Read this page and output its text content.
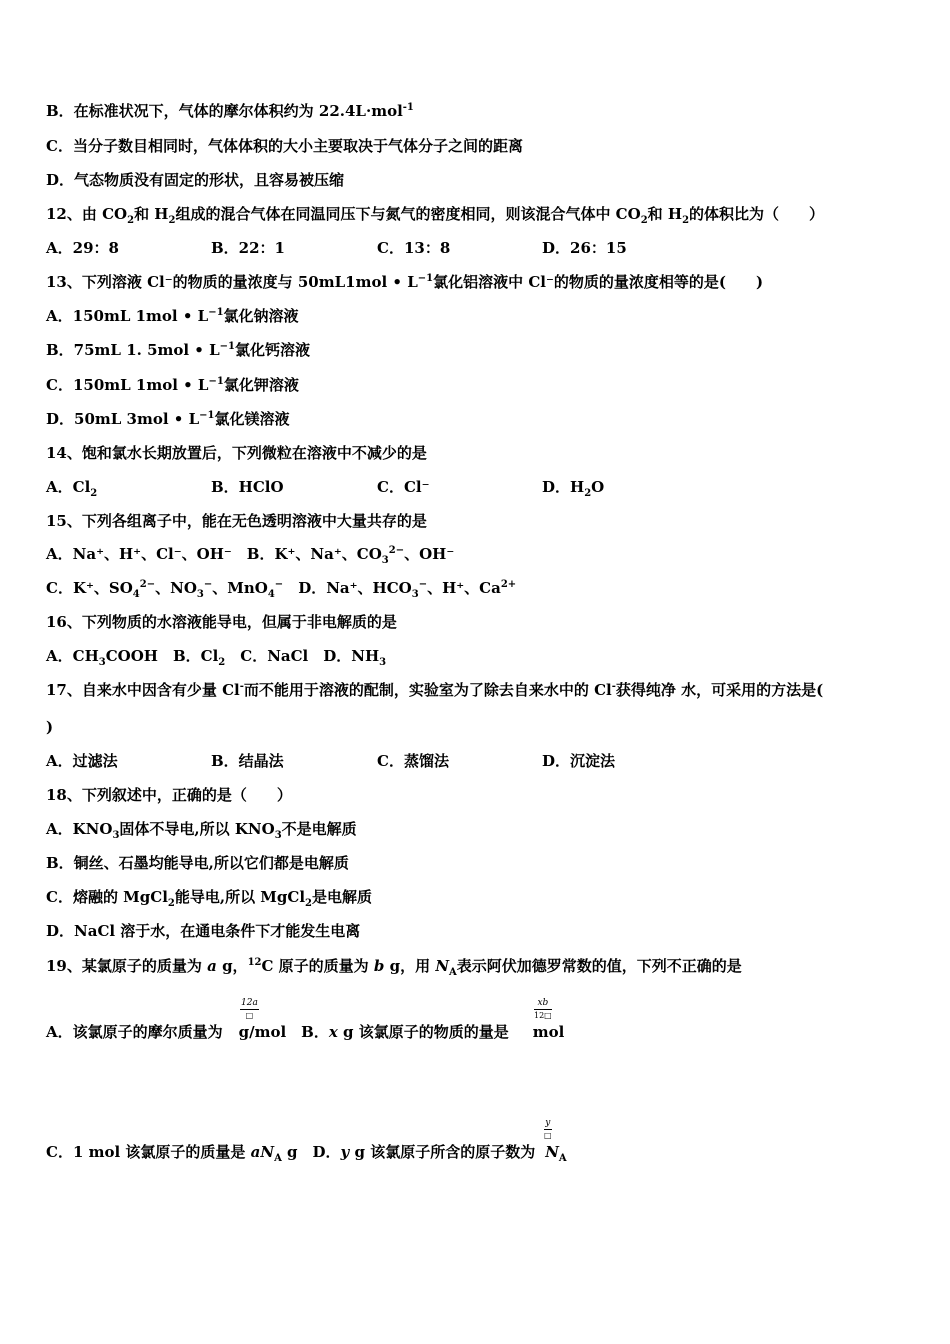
B．在标准状况下，气体的摩尔体积约为 22.4L·mol$^{-1}$
C．当分子数目相同时，气体体积的大小主要取决于气体分子之间的距离
D．气态物质没有固定的形状，且容易被压缩
12、由 $CO_2$和 $H_2$组成的混合气体在同温同压下与氮气的密度相同，则该混合气体中 $CO_2$和 $H_2$的体积比为（　　）
A．29：8	B．22：1	C．13：8	D．26：15
13、下列溶液 Cl⁻的物质的量浓度与 50mL1mol • $L^{-1}$氯化铝溶液中 Cl⁻的物质的量浓度相等的是(　　)
A．150mL 1mol • $L^{-1}$氯化钠溶液
B．75mL 1. 5mol • $L^{-1}$氯化钙溶液
C．150mL 1mol • $L^{-1}$氯化钾溶液
D．50mL 3mol • $L^{-1}$氯化镁溶液
14、饱和氯水长期放置后，下列微粒在溶液中不减少的是
A．$Cl_2$	B．HClO	C．Cl⁻	D．$H_2O$
15、下列各组离子中，能在无色透明溶液中大量共存的是
A．Na⁺、H⁺、Cl⁻、OH⁻　B．K⁺、Na⁺、$CO_3^{2-}$、OH⁻
C．K⁺、$SO_4^{2-}$、$NO_3^-$、MnO$_4$−　D．Na⁺、$HCO_3^-$、H⁺、$Ca^{2+}$
16、下列物质的水溶液能导电，但属于非电解质的是
A．$CH_3COOH$　B．$Cl_2$　C．NaCl　D．$NH_3$
17、自来水中因含有少量 Cl-而不能用于溶液的配制，实验室为了除去自来水中的 Cl-获得纯净 水，可采用的方法是(
)
A．过滤法	B．结晶法	C．蒸馏法	D．沉淀法
18、下列叙述中，正确的是（　　）
A．$KNO_3$固体不导电,所以 $KNO_3$不是电解质
B．铜丝、石墨均能导电,所以它们都是电解质
C．熔融的 MgCl$_2$能导电,所以 MgCl$_2$是电解质
D．NaCl 溶于水，在通电条件下才能发生电离
19、某氯原子的质量为 a g，$^{12}$C 原子的质量为 b g，用 $N_A$表示阿伏加德罗常数的值，下列不正确的是
12a
□	$\frac{xb}{12□}$
A．该氯原子的摩尔质量为 g/mol　B．x g 该氯原子的物质的量是 mol
y
□
C．1 mol 该氯原子的质量是 $aN_A$ g　D．y g 该氯原子所含的原子数为 $N_A$
